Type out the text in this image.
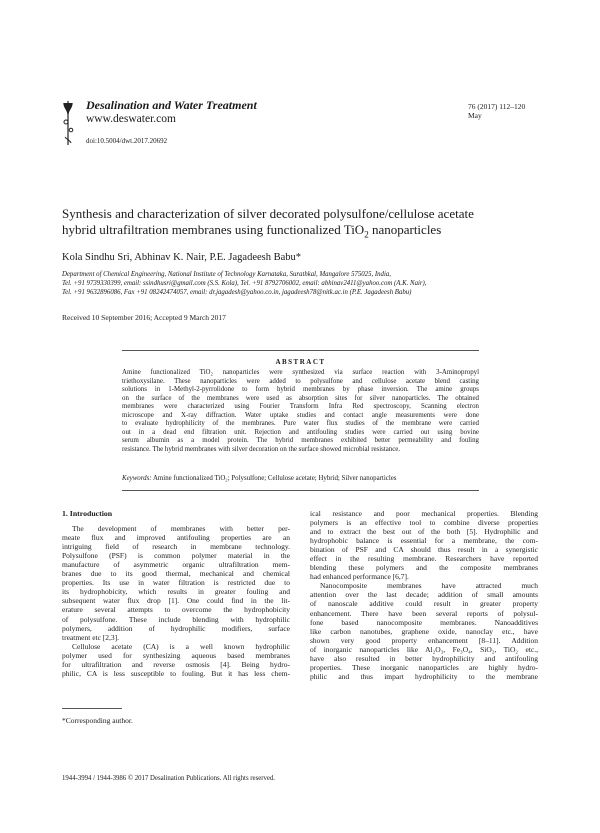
Desalination and Water Treatment
www.deswater.com
doi:10.5004/dwt.2017.20692
76 (2017) 112–120
May
Synthesis and characterization of silver decorated polysulfone/cellulose acetate
hybrid ultrafiltration membranes using functionalized TiO$_2$ nanoparticles
Kola Sindhu Sri, Abhinav K. Nair, P.E. Jagadeesh Babu*

Department of Chemical Engineering, National Institute of Technology Karnataka, Surathkal, Mangalore 575025, India,

Tel. +91 9739330399, email: ssindhusri@gmail.com (S.S. Kola), Tel. +91 8792706002, email: abhinav2411@yahoo.com (A.K. Nair),

Tel. +91 9632896086, Fax +91 08242474057, email: dr.jagadesh@yahoo.co.in, jagadeesh78@nitk.ac.in (P.E. Jagadeesh Babu)

Received 10 September 2016; Accepted 9 March 2017
ABSTRACT

Amine functionalized TiO₂ nanoparticles were synthesized via surface reaction with 3-Aminopropyl

triethoxysilane. These nanoparticles were added to polysulfone and cellulose acetate blend casting

solutions in 1-Methyl-2-pyrrolidone to form hybrid membranes by phase inversion. The amine groups

on the surface of the membranes were used as absorption sites for silver nanoparticles. The obtained

membranes were characterized using Fourier Transform Infra Red spectroscopy, Scanning electron

microscope and X-ray diffraction. Water uptake studies and contact angle measurements were done

to evaluate hydrophilicity of the membranes. Pure water flux studies of the membrane were carried

out in a dead end filtration unit. Rejection and antifouling studies were carried out using bovine

serum albumin as a model protein. The hybrid membranes exhibited better permeability and fouling

resistance. The hybrid membranes with silver decoration on the surface showed microbial resistance.

Keywords: Amine functionalized TiO₂; Polysulfone; Cellulose acetate; Hybrid; Silver nanoparticles

1. Introduction

The development of membranes with better per-

meate flux and improved antifouling properties are an

intriguing field of research in membrane technology.

Polysulfone (PSF) is common polymer material in the

manufacture of asymmetric organic ultrafiltration mem-

branes due to its good thermal, mechanical and chemical

properties. Its use in water filtration is restricted due to

its hydrophobicity, which results in greater fouling and

subsequent water flux drop [1]. One could find in the lit-

erature several attempts to overcome the hydrophobicity

of polysulfone. These include blending with hydrophilic

polymers, addition of hydrophilic modifiers, surface

treatment etc [2,3].

Cellulose acetate (CA) is a well known hydrophilic

polymer used for synthesizing aqueous based membranes

for ultrafiltration and reverse osmosis [4]. Being hydro-

philic, CA is less susceptible to fouling. But it has less chem-

ical resistance and poor mechanical properties. Blending

polymers is an effective tool to combine diverse properties

and to extract the best out of the both [5]. Hydrophilic and

hydrophobic balance is essential for a membrane, the com-

bination of PSF and CA should thus result in a synergistic

effect in the resulting membrane. Researchers have reported

blending these polymers and the composite membranes

had enhanced performance [6,7].

Nanocomposite membranes have attracted much

attention over the last decade; addition of small amounts

of nanoscale additive could result in greater property

enhancement. There have been several reports of polysul-

fone based nanocomposite membranes. Nanoadditives

like carbon nanotubes, graphene oxide, nanoclay etc., have

shown very good property enhancement [8–11]. Addition

of inorganic nanoparticles like Al₂O₃, Fe₃O₄, SiO₂, TiO₂ etc.,

have also resulted in better hydrophilicity and antifouling

properties. These inorganic nanoparticles are highly hydro-

philic and thus impart hydrophilicity to the membrane

*Corresponding author.
1944-3994 / 1944-3986 © 2017 Desalination Publications. All rights reserved.
